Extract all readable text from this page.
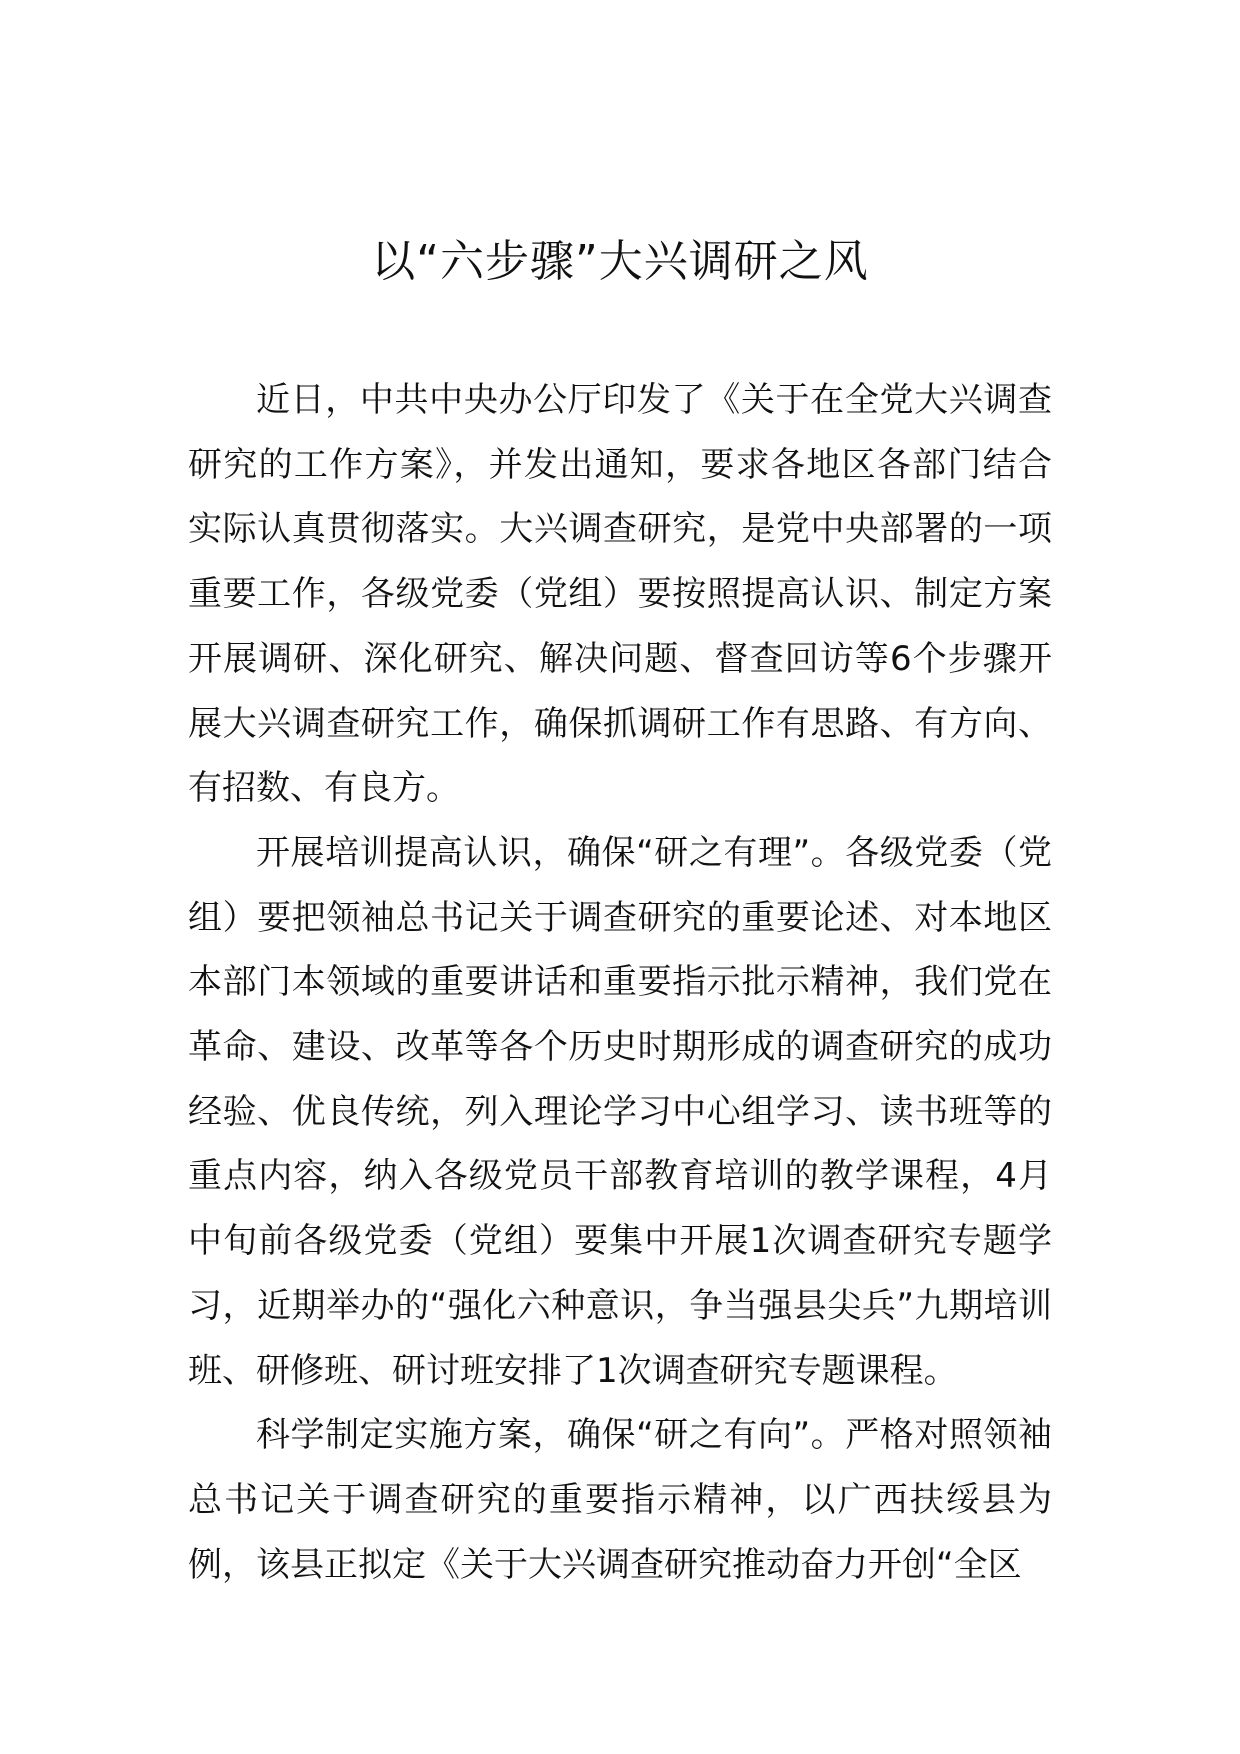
以“六步骤”大兴调研之风

近日，中共中央办公厅印发了《关于在全党大兴调查研究的工作方案》，并发出通知，要求各地区各部门结合实际认真贯彻落实。大兴调查研究，是党中央部署的一项重要工作，各级党委（党组）要按照提高认识、制定方案开展调研、深化研究、解决问题、督查回访等6个步骤开展大兴调查研究工作，确保抓调研工作有思路、有方向、有招数、有良方。

开展培训提高认识，确保“研之有理”。各级党委（党组）要把领袖总书记关于调查研究的重要论述、对本地区本部门本领域的重要讲话和重要指示批示精神，我们党在革命、建设、改革等各个历史时期形成的调查研究的成功经验、优良传统，列入理论学习中心组学习、读书班等的重点内容，纳入各级党员干部教育培训的教学课程，4月中旬前各级党委（党组）要集中开展1次调查研究专题学习，近期举办的“强化六种意识，争当强县尖兵”九期培训班、研修班、研讨班安排了1次调查研究专题课程。

科学制定实施方案，确保“研之有向”。严格对照领袖总书记关于调查研究的重要指示精神，以广西扶绥县为例，该县正拟定《关于大兴调查研究推动奋力开创“全区
